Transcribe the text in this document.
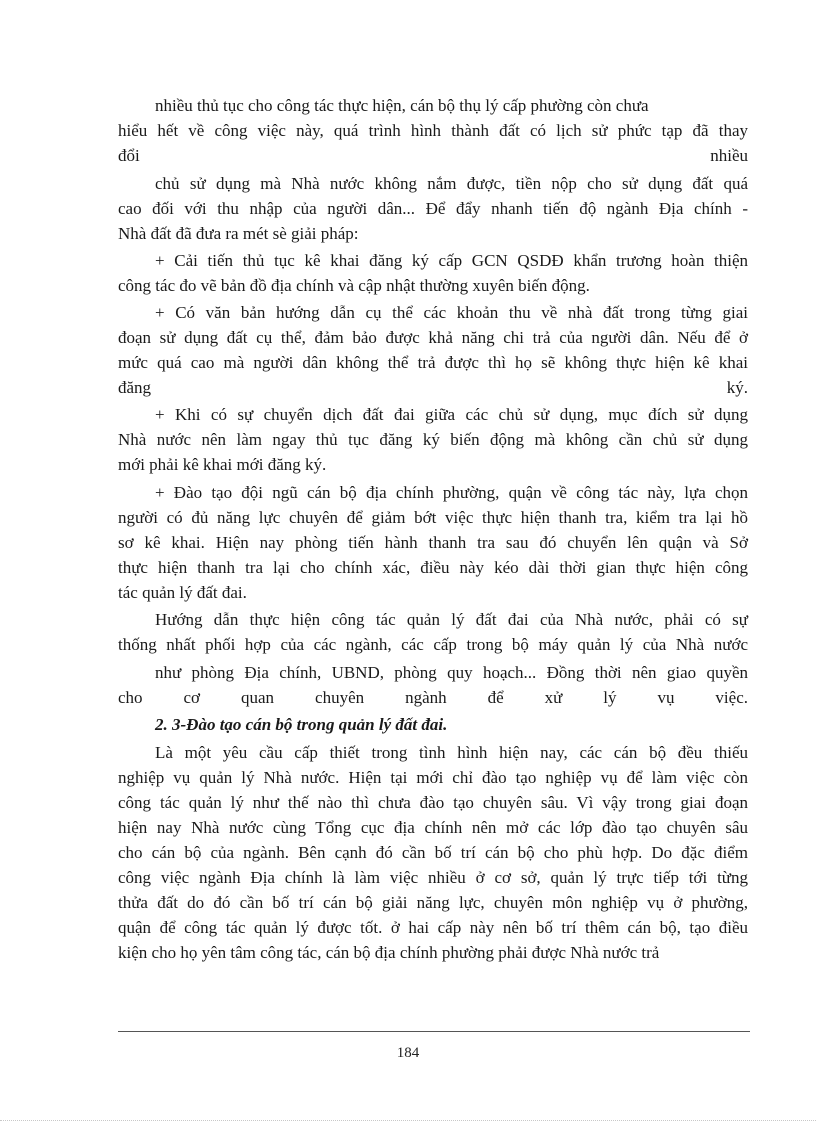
nhiều thủ tục cho công tác thực hiện, cán bộ thụ lý cấp phường còn chưa
hiểu hết về công việc này, quá trình hình thành đất có lịch sử phức tạp đã thay
đổi nhiều
chủ sử dụng mà Nhà nước không nắm được, tiền nộp cho sử dụng đất quá
cao đối với thu nhập của người dân... Để đẩy nhanh tiến độ ngành Địa chính -
Nhà đất đã đưa ra mét sè giải pháp:
+ Cải tiến thủ tục kê khai đăng ký cấp GCN QSDĐ khẩn trương hoàn thiện
công tác đo vẽ bản đồ địa chính và cập nhật thường xuyên biến động.
+ Có văn bản hướng dẫn cụ thể các khoản thu về nhà đất trong từng giai
đoạn sử dụng đất cụ thể, đảm bảo được khả năng chi trả của người dân. Nếu để ở
mức quá cao mà người dân không thể trả được thì họ sẽ không thực hiện kê khai
đăng ký.
+ Khi có sự chuyển dịch đất đai giữa các chủ sử dụng, mục đích sử dụng
Nhà nước nên làm ngay thủ tục đăng ký biến động mà không cần chủ sử dụng
mới phải kê khai mới đăng ký.
+ Đào tạo đội ngũ cán bộ địa chính phường, quận về công tác này, lựa chọn
người có đủ năng lực chuyên để giảm bớt việc thực hiện thanh tra, kiểm tra lại hồ
sơ kê khai. Hiện nay phòng tiến hành thanh tra sau đó chuyển lên quận và Sở
thực hiện thanh tra lại cho chính xác, điều này kéo dài thời gian thực hiện công
tác quản lý đất đai.
Hướng dẫn thực hiện công tác quản lý đất đai của Nhà nước, phải có sự
thống nhất phối hợp của các ngành, các cấp trong bộ máy quản lý của Nhà nước
như phòng Địa chính, UBND, phòng quy hoạch... Đồng thời nên giao quyền
cho cơ quan chuyên ngành để xử lý vụ việc.
2. 3-Đào tạo cán bộ trong quản lý đất đai.
Là một yêu cầu cấp thiết trong tình hình hiện nay, các cán bộ đều thiếu
nghiệp vụ quản lý Nhà nước. Hiện tại mới chỉ đào tạo nghiệp vụ để làm việc còn
công tác quản lý như thế nào thì chưa đào tạo chuyên sâu. Vì vậy trong giai đoạn
hiện nay Nhà nước cùng Tổng cục địa chính nên mở các lớp đào tạo chuyên sâu
cho cán bộ của ngành. Bên cạnh đó cần bố trí cán bộ cho phù hợp. Do đặc điểm
công việc ngành Địa chính là làm việc nhiều ở cơ sở, quản lý trực tiếp tới từng
thửa đất do đó cần bố trí cán bộ giải năng lực, chuyên môn nghiệp vụ ở phường,
quận để công tác quản lý được tốt. ở hai cấp này nên bố trí thêm cán bộ, tạo điều
kiện cho họ yên tâm công tác, cán bộ địa chính phường phải được Nhà nước trả
184
